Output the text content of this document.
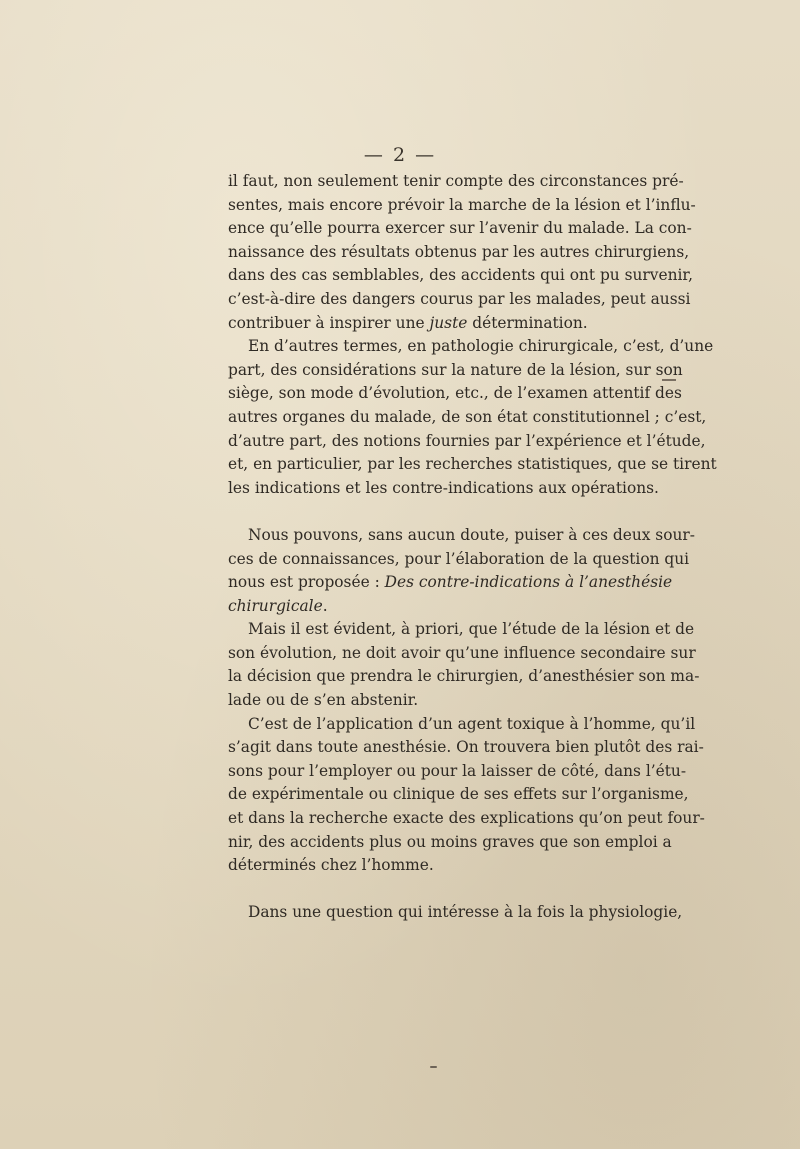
— 2 —
il faut, non seulement tenir compte des circonstances pré-
sentes, mais encore prévoir la marche de la lésion et l’influ-
ence qu’elle pourra exercer sur l’avenir du malade. La con-
naissance des résultats obtenus par les autres chirurgiens,
dans des cas semblables, des accidents qui ont pu survenir,
c’est-à-dire des dangers courus par les malades, peut aussi
contribuer à inspirer une juste détermination.
En d’autres termes, en pathologie chirurgicale, c’est, d’une
part, des considérations sur la nature de la lésion, sur son
siège, son mode d’évolution, etc., de l’examen attentif des
autres organes du malade, de son état constitutionnel ; c’est,
d’autre part, des notions fournies par l’expérience et l’étude,
et, en particulier, par les recherches statistiques, que se tirent
les indications et les contre-indications aux opérations.
Nous pouvons, sans aucun doute, puiser à ces deux sour-
ces de connaissances, pour l’élaboration de la question qui
nous est proposée : Des contre-indications à l’anesthésie
chirurgicale.
Mais il est évident, à priori, que l’étude de la lésion et de
son évolution, ne doit avoir qu’une influence secondaire sur
la décision que prendra le chirurgien, d’anesthésier son ma-
lade ou de s’en abstenir.
C’est de l’application d’un agent toxique à l’homme, qu’il
s’agit dans toute anesthésie. On trouvera bien plutôt des rai-
sons pour l’employer ou pour la laisser de côté, dans l’étu-
de expérimentale ou clinique de ses effets sur l’organisme,
et dans la recherche exacte des explications qu’on peut four-
nir, des accidents plus ou moins graves que son emploi a
déterminés chez l’homme.
Dans une question qui intéresse à la fois la physiologie,
